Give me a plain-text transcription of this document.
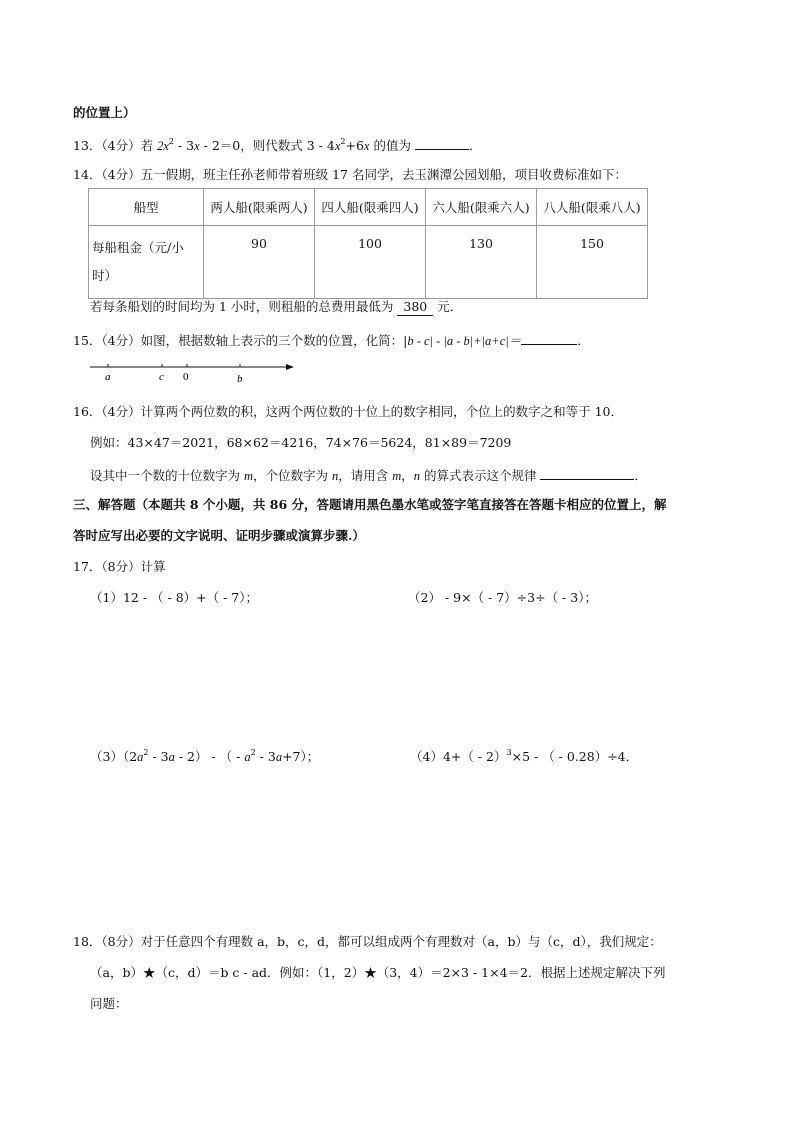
的位置上）
13．（4分）若 $2x^2 - 3x - 2=0$，则代数式 $3 - 4x^2+6x$ 的值为	．
14．（4分）五一假期，班主任孙老师带着班级 17 名同学，去玉渊潭公园划船，项目收费标准如下：
船型	两人船(限乘两人)	四人船(限乘四人)	六人船(限乘六人)	八人船(限乘八人)
每船租金（元/小
时）	90	100	130	150
若每条船划的时间均为 1 小时，则租船的总费用最低为 380 元．
15．（4分）如图，根据数轴上表示的三个数的位置，化简：|b - c| - |a - b|+|a+c|＝	．
a	c 0	b
16．（4分）计算两个两位数的积，这两个两位数的十位上的数字相同，个位上的数字之和等于 10．
例如：43×47＝2021，68×62＝4216，74×76＝5624，81×89＝7209
设其中一个数的十位数字为 m，个位数字为 n，请用含 m，n 的算式表示这个规律	．
三、解答题（本题共 8 个小题，共 86 分，答题请用黑色墨水笔或签字笔直接答在答题卡相应的位置上，解
答时应写出必要的文字说明、证明步骤或演算步骤.）
17．（8分）计算
（1）12 - （ - 8）+（ - 7）；	（2） - 9×（ - 7）÷3÷（ - 3）；
$(3)(2a^2 - 3a - 2)$ - （ - $a^2 - 3a+7$）；	（4）4+（ - 2）$^3$×5 - （ - 0.28）÷4．
18．（8分）对于任意四个有理数 a，b，c，d，都可以组成两个有理数对（a，b）与（c，d），我们规定：
（a，b）★（c，d）＝b c - ad．例如：（1，2）★（3，4）＝2×3 - 1×4＝2．根据上述规定解决下列
问题：
